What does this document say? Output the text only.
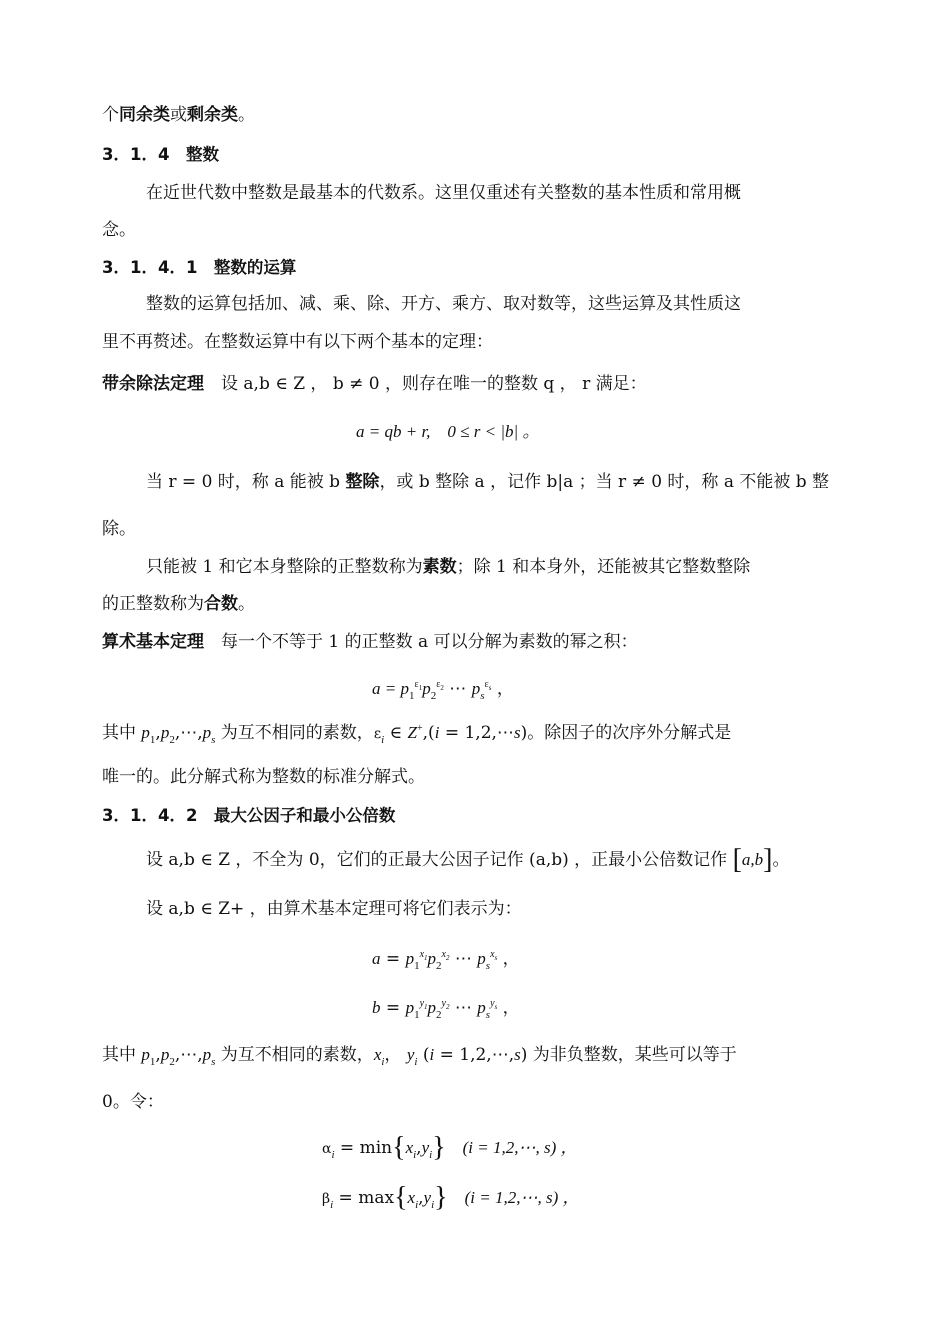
个同余类或剩余类。
3．1．4　整数
在近世代数中整数是最基本的代数系。这里仅重述有关整数的基本性质和常用概
念。
3．1．4．1　整数的运算
整数的运算包括加、减、乘、除、开方、乘方、取对数等，这些运算及其性质这
里不再赘述。在整数运算中有以下两个基本的定理：
带余除法定理　 设 a,b ∈ Z ， b ≠ 0 ，则存在唯一的整数 q ， r 满足：
a = qb + r,　0 ≤ r < |b| 。
当 r = 0 时，称 a 能被 b 整除，或 b 整除 a ，记作 b|a ；当 r ≠ 0 时，称 a 不能被 b 整
除。
只能被 1 和它本身整除的正整数称为素数；除 1 和本身外，还能被其它整数整除
的正整数称为合数。
算术基本定理　 每一个不等于 1 的正整数 a 可以分解为素数的幂之积：
$a = p_1^{\varepsilon_1}p_2^{\varepsilon_2}$ ⋯ $p_s^{\varepsilon_s}$ ，
其中 $p_1,p_2,\cdots,p_s$ 为互不相同的素数，$\varepsilon_i$ ∈ Z+,(i = 1,2,⋯s)。除因子的次序外分解式是
唯一的。此分解式称为整数的标准分解式。
3．1．4．2　最大公因子和最小公倍数
设 a,b ∈ Z ，不全为 0，它们的正最大公因子记作 (a,b) ，正最小公倍数记作 [a,b]。
设 a,b ∈ Z+ ，由算术基本定理可将它们表示为：
$a = p_1^{x_1}p_2^{x_2}$ ⋯ $p_s^{x_s}$ ，
$b = p_1^{y_1}p_2^{y_2}$ ⋯ $p_s^{y_s}$ ，
其中 $p_1,p_2,\cdots,p_s$ 为互不相同的素数，$x_i$， $y_i$ (i = 1,2,⋯,s) 为非负整数，某些可以等于
0。令：
$\alpha_i = \min\{x_i,y_i\}$　 (i = 1,2,⋯, s) ，
$\beta_i = \max\{x_i,y_i\}$　 (i = 1,2,⋯, s) ，
